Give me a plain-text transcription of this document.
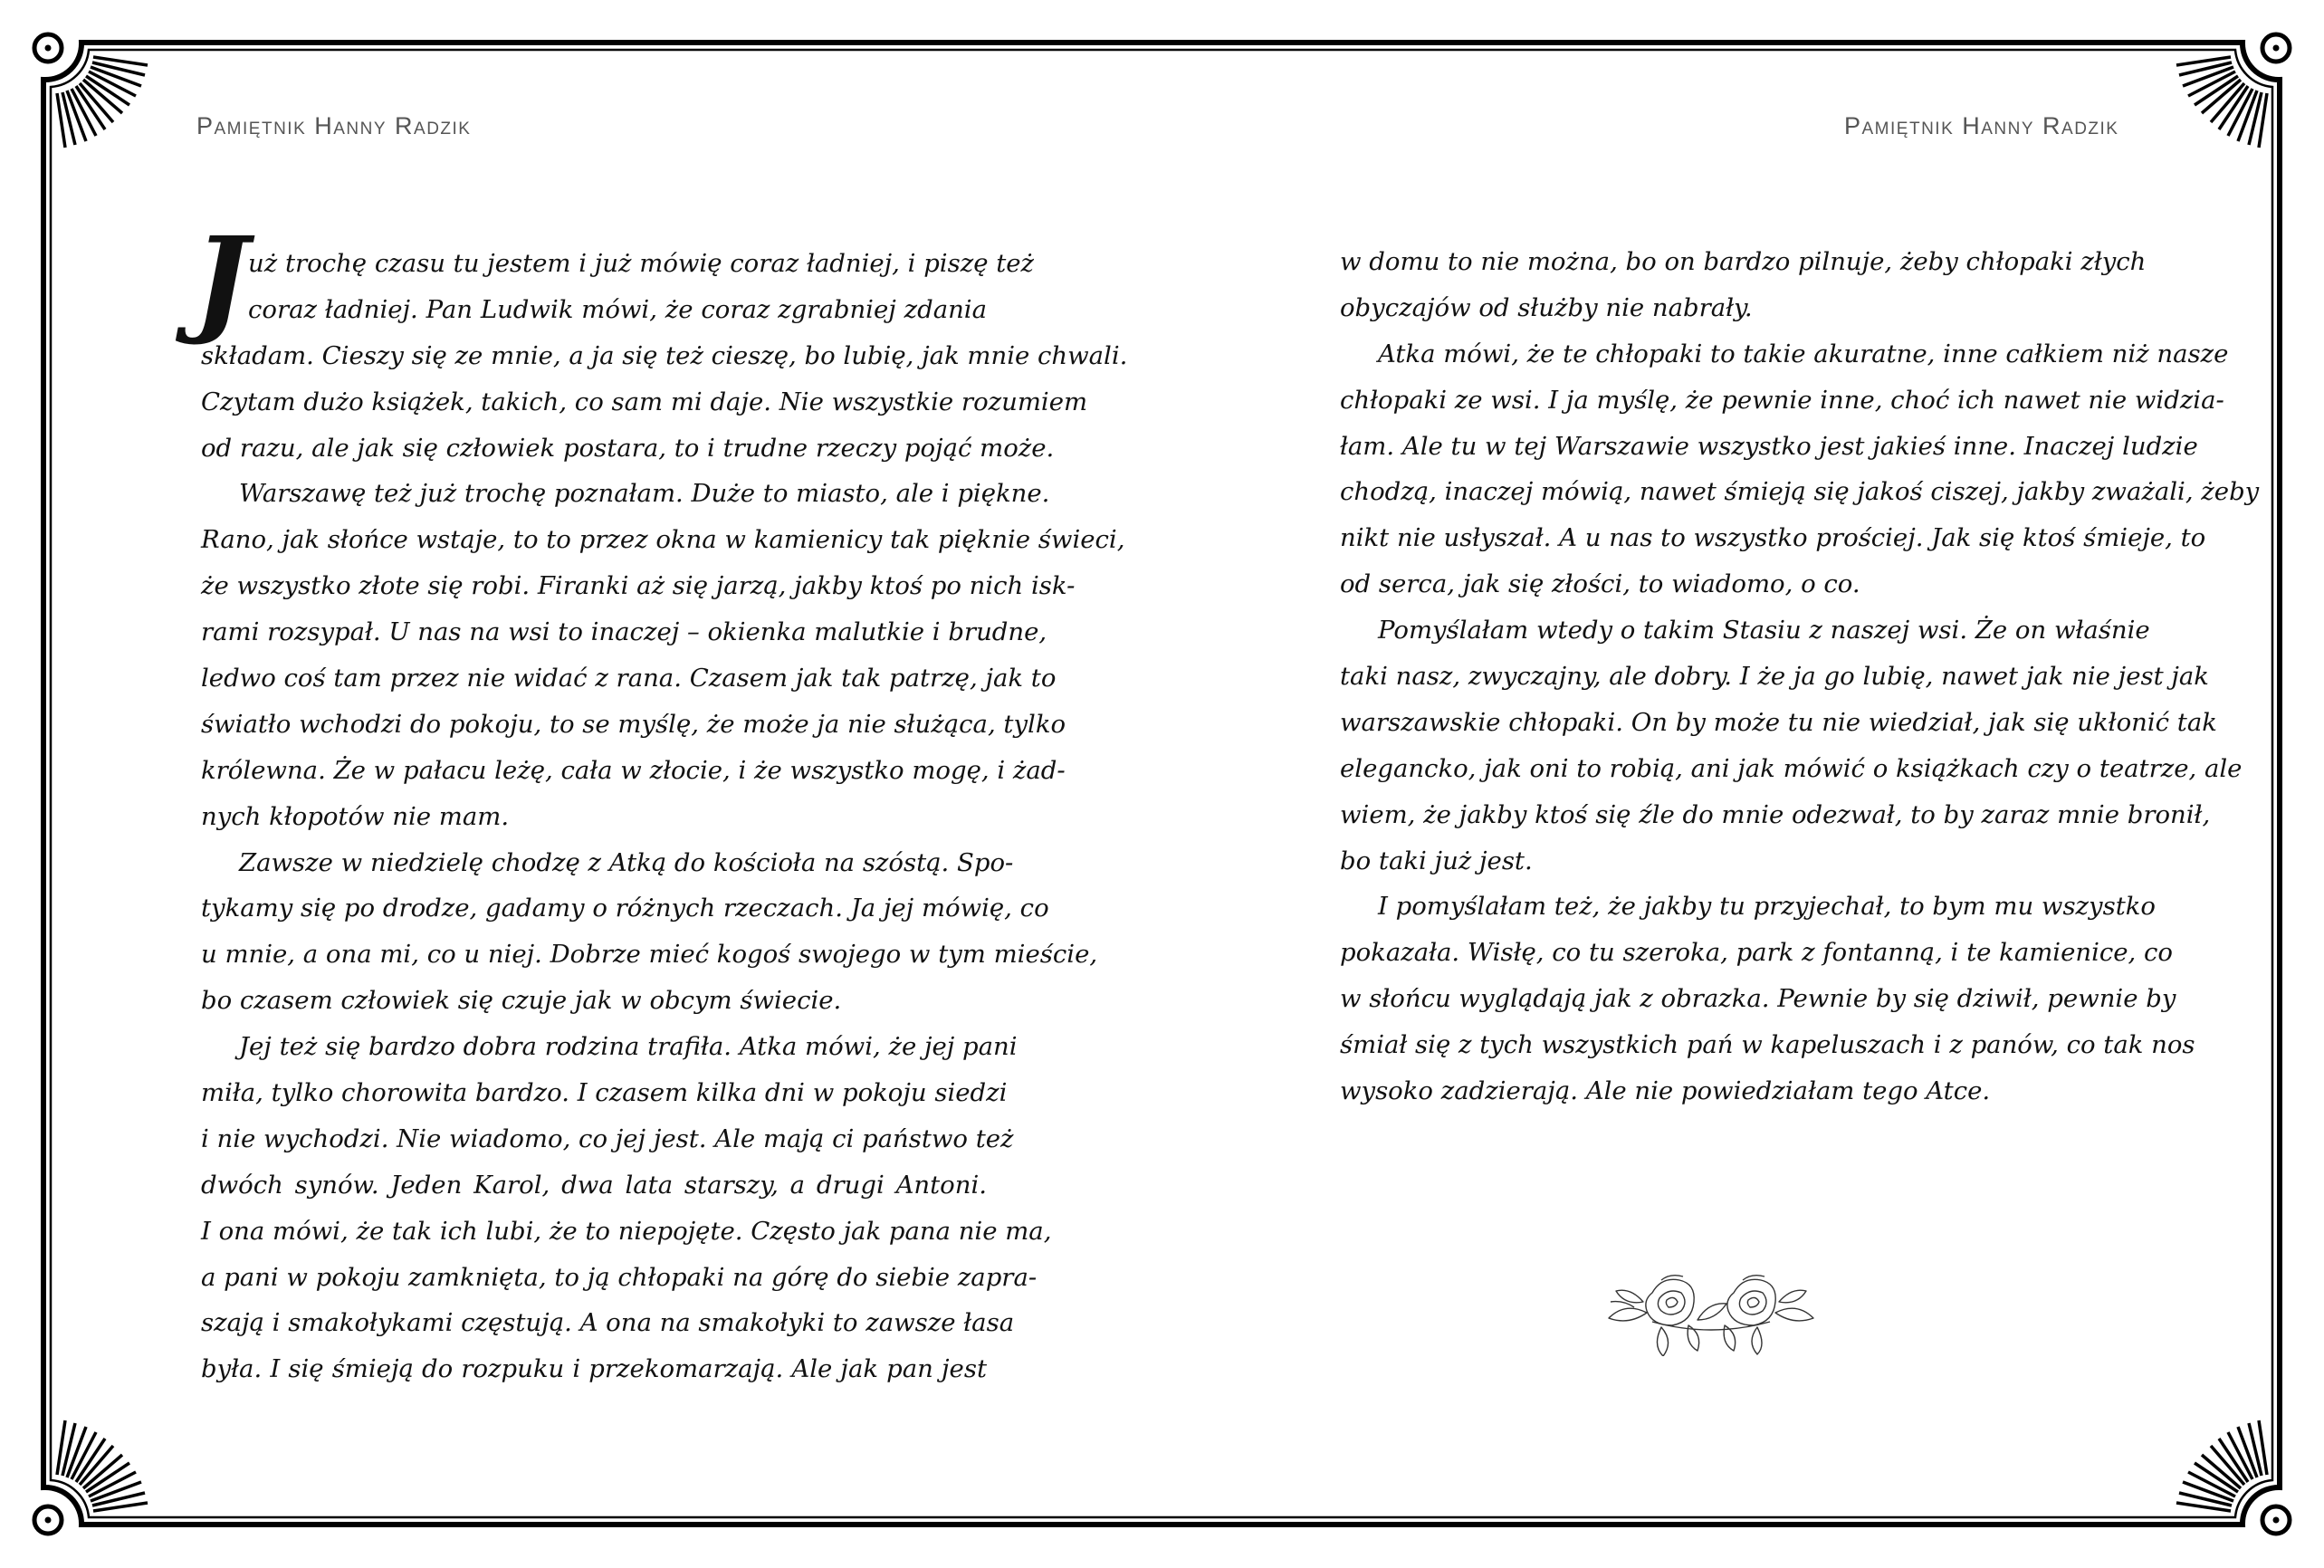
Pamiętnik Hanny Radzik
J uż trochę czasu tu jestem i już mówię coraz ładniej, i piszę też
coraz ładniej. Pan Ludwik mówi, że coraz zgrabniej zdania
składam. Cieszy się ze mnie, a ja się też cieszę, bo lubię, jak mnie chwali.
Czytam dużo książek, takich, co sam mi daje. Nie wszystkie rozumiem
od razu, ale jak się człowiek postara, to i trudne rzeczy pojąć może.
Warszawę też już trochę poznałam. Duże to miasto, ale i piękne.
Rano, jak słońce wstaje, to to przez okna w kamienicy tak pięknie świeci,
że wszystko złote się robi. Firanki aż się jarzą, jakby ktoś po nich isk-
rami rozsypał. U nas na wsi to inaczej – okienka malutkie i brudne,
ledwo coś tam przez nie widać z rana. Czasem jak tak patrzę, jak to
światło wchodzi do pokoju, to se myślę, że może ja nie służąca, tylko
królewna. Że w pałacu leżę, cała w złocie, i że wszystko mogę, i żad-
nych kłopotów nie mam.
Zawsze w niedzielę chodzę z Atką do kościoła na szóstą. Spo-
tykamy się po drodze, gadamy o różnych rzeczach. Ja jej mówię, co
u mnie, a ona mi, co u niej. Dobrze mieć kogoś swojego w tym mieście,
bo czasem człowiek się czuje jak w obcym świecie.
Jej też się bardzo dobra rodzina trafiła. Atka mówi, że jej pani
miła, tylko chorowita bardzo. I czasem kilka dni w pokoju siedzi
i nie wychodzi. Nie wiadomo, co jej jest. Ale mają ci państwo też
dwóch synów. Jeden Karol, dwa lata starszy, a drugi Antoni.
I ona mówi, że tak ich lubi, że to niepojęte. Często jak pana nie ma,
a pani w pokoju zamknięta, to ją chłopaki na górę do siebie zapra-
szają i smakołykami częstują. A ona na smakołyki to zawsze łasa
była. I się śmieją do rozpuku i przekomarzają. Ale jak pan jest
Pamiętnik Hanny Radzik
w domu to nie można, bo on bardzo pilnuje, żeby chłopaki złych
obyczajów od służby nie nabrały.
Atka mówi, że te chłopaki to takie akuratne, inne całkiem niż nasze
chłopaki ze wsi. I ja myślę, że pewnie inne, choć ich nawet nie widzia-
łam. Ale tu w tej Warszawie wszystko jest jakieś inne. Inaczej ludzie
chodzą, inaczej mówią, nawet śmieją się jakoś ciszej, jakby zważali, żeby
nikt nie usłyszał. A u nas to wszystko prościej. Jak się ktoś śmieje, to
od serca, jak się złości, to wiadomo, o co.
Pomyślałam wtedy o takim Stasiu z naszej wsi. Że on właśnie
taki nasz, zwyczajny, ale dobry. I że ja go lubię, nawet jak nie jest jak
warszawskie chłopaki. On by może tu nie wiedział, jak się ukłonić tak
elegancko, jak oni to robią, ani jak mówić o książkach czy o teatrze, ale
wiem, że jakby ktoś się źle do mnie odezwał, to by zaraz mnie bronił,
bo taki już jest.
I pomyślałam też, że jakby tu przyjechał, to bym mu wszystko
pokazała. Wisłę, co tu szeroka, park z fontanną, i te kamienice, co
w słońcu wyglądają jak z obrazka. Pewnie by się dziwił, pewnie by
śmiał się z tych wszystkich pań w kapeluszach i z panów, co tak nos
wysoko zadzierają. Ale nie powiedziałam tego Atce.
